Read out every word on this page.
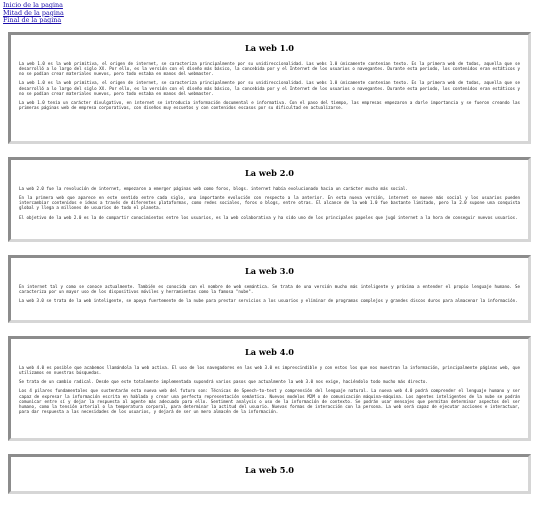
Inicio de la pagina
Mitad de la pagina
Final de la pagina
La web 1.0

La web 1.0 es la web primitiva, el origen de internet, se caracteriza principalmente por su unidireccionalidad. Las webs 1.0 únicamente contenían texto. Es la primera web de todas, aquella que se desarrolló a lo largo del siglo XX. Por ello, es la versión con el diseño más básico, la concebida por y el Internet de los usuarios o navegantes. Durante esta periodo, los contenidos eran estáticos y no se podían crear materiales nuevos, pero todo estaba en manos del webmaster.

La web 1.0 es la web primitiva, el origen de internet, se caracteriza principalmente por su unidireccionalidad. Las webs 1.0 únicamente contenían texto. Es la primera web de todas, aquella que se desarrolló a lo largo del siglo XX. Por ello, es la versión con el diseño más básico, la concebida por y el Internet de los usuarios o navegantes. Durante esta periodo, los contenidos eran estáticos y no se podían crear materiales nuevos, pero todo estaba en manos del webmaster.

La web 1.0 tenía un carácter divulgativo, en internet se introducía información documental e informativa. Con el paso del tiempo, las empresas empezaron a darle importancia y se fueron creando las primeras páginas web de empresa corporativas, con diseños muy escuetos y con contenidos escasos por su dificultad en actualizarse.

La web 2.0

La web 2.0 fue la revolución de internet, empezaron a emerger páginas web como foros, blogs. internet había evolucionado hacia un carácter mucho más social.

En la primera web que aparece en este sentido entre cada siglo, una importante evolución con respecto a la anterior. En esta nueva versión, internet se mueve más social y los usuarios pueden intercambiar contenidos e ideas a través de diferentes plataformas, como redes sociales, foros o blogs, entre otras. El alcance de la web 1.0 fue bastante limitado, pero la 2.0 supone una conquista global y llega a millones de usuarios de todo el planeta.

El objetivo de la web 2.0 es la de compartir conocimientos entre los usuarios, es la web colaborativa y ha sido uno de los principales papeles que jugó internet a la hora de conseguir nuevos usuarios.

La web 3.0

En internet tal y como se conoce actualmente. También es conocida con el nombre de web semántica. Se trata de una versión mucho más inteligente y próxima a entender el propio lenguaje humano. Se caracteriza por un mayor uso de los dispositivos móviles y herramientas como la famosa "nube".

La web 3.0 se trata de la web inteligente, se apoya fuertemente de la nube para prestar servicios a los usuarios y eliminar de programas complejos y grandes discos duros para almacenar la información.

La web 4.0

La web 4.0 es posible que acabemos llamándola la web activa. El uso de los navegadores en las web 3.0 es imprescindible y con estos los que nos muestran la información, principalmente páginas web, que utilizamos en nuestras búsquedas.

Se trata de un cambio radical. Desde que este totalmente implementada supondrá varios pasos que actualmente la web 3.0 nos exige, haciéndolo todo mucho más directo.

Los 4 pilares fundamentales que sustentarán esta nueva web del futuro son: Técnicas de Speech-to-text y comprensión del lenguaje natural. La nueva web 4.0 podrá comprender el lenguaje humano y ser capaz de expresar la información escrita en hablada y crear una perfecta representación semántica. Nuevos modelos M2M o de comunicación máquina-máquina. Los agentes inteligentes de la nube se podrán comunicar entre sí y dejar la respuesta al agente más adecuado para ello. Sentiment analysis o uso de la información de contexto. Se podrán usar mensajes que permitan determinar aspectos del ser humano, como la tensión arterial o la temperatura corporal, para determinar la actitud del usuario. Nuevas formas de interacción con la persona. La web será capaz de ejecutar acciones e interactuar, para dar respuesta a las necesidades de los usuarios, y dejará de ser un mero almacén de la información.

La web 5.0
